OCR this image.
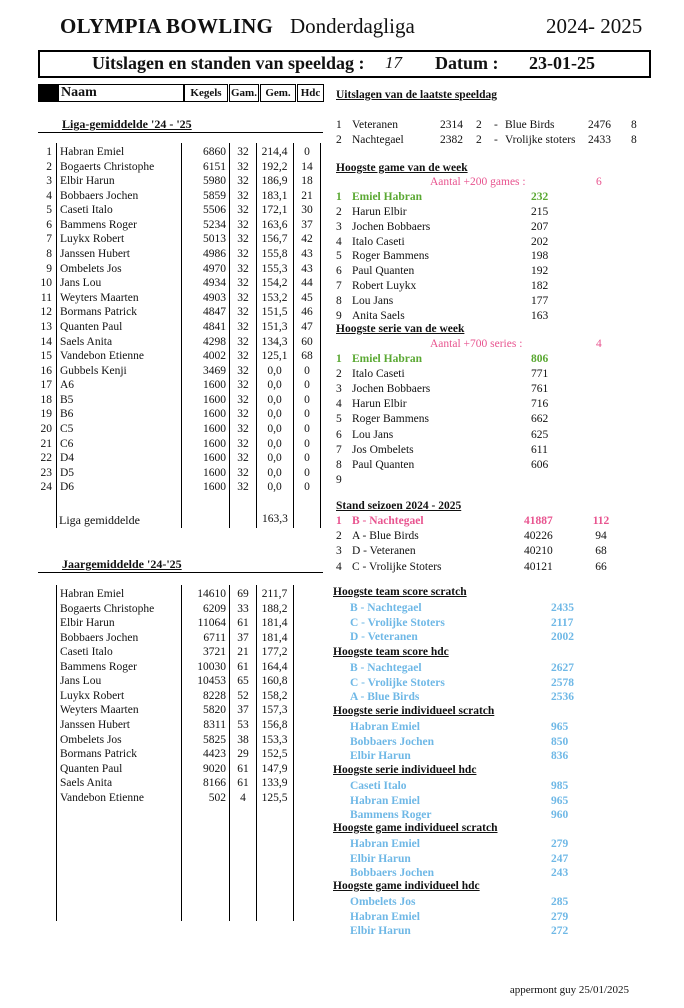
OLYMPIA BOWLING Donderdagliga	2024- 2025
Uitslagen en standen van speeldag : 17 Datum : 23-01-25
Naam	Kegels Gam. Gem. Hdc
Liga-gemiddelde '24 - '25
1 Habran Emiel	6860 32	214,4	0
2 Bogaerts Christophe	6151 32	192,2	14
3 Elbir Harun	5980 32	186,9	18
4 Bobbaers Jochen	5859 32	183,1	21
5 Caseti Italo	5506 32	172,1	30
6 Bammens Roger	5234 32	163,6	37
7 Luykx Robert	5013 32	156,7	42
8 Janssen Hubert	4986 32	155,8	43
9 Ombelets Jos	4970 32	155,3	43
10 Jans Lou	4934 32	154,2	44
11 Weyters Maarten	4903 32	153,2	45
12 Bormans Patrick	4847 32	151,5	46
13 Quanten Paul	4841 32	151,3	47
14 Saels Anita	4298 32	134,3	60
15 Vandebon Etienne	4002 32	125,1	68
16 Gubbels Kenji	3469 32	0,0	0
17 A6	1600 32	0,0	0
18 B5	1600 32	0,0	0
19 B6	1600 32	0,0	0
20 C5	1600 32	0,0	0
21 C6	1600 32	0,0	0
22 D4	1600 32	0,0	0
23 D5	1600 32	0,0	0
24 D6	1600 32	0,0	0
Liga gemiddelde	163,3
Jaargemiddelde '24-'25
Habran Emiel	14610 69	211,7
Bogaerts Christophe	6209 33	188,2
Elbir Harun	11064 61	181,4
Bobbaers Jochen	6711 37	181,4
Caseti Italo	3721 21	177,2
Bammens Roger	10030 61	164,4
Jans Lou	10453 65	160,8
Luykx Robert	8228 52	158,2
Weyters Maarten	5820 37	157,3
Janssen Hubert	8311 53	156,8
Ombelets Jos	5825 38	153,3
Bormans Patrick	4423 29	152,5
Quanten Paul	9020 61	147,9
Saels Anita	8166 61	133,9
Vandebon Etienne	502	4	125,5
Uitslagen van de laatste speeldag
1 Veteranen	2314 2 - Blue Birds	2476 8
2 Nachtegael	2382 2 - Vrolijke stoters 2433 8
Hoogste game van de week
Aantal +200 games :	6
1 Emiel Habran	232
2 Harun Elbir	215
3 Jochen Bobbaers	207
4 Italo Caseti	202
5 Roger Bammens	198
6 Paul Quanten	192
7 Robert Luykx	182
8 Lou Jans	177
9 Anita Saels	163
Hoogste serie van de week
Aantal +700 series :	4
1 Emiel Habran	806
2 Italo Caseti	771
3 Jochen Bobbaers	761
4 Harun Elbir	716
5 Roger Bammens	662
6 Lou Jans	625
7 Jos Ombelets	611
8 Paul Quanten	606
9
Stand seizoen 2024 - 2025
1 B - Nachtegael	41887	112
2 A - Blue Birds	40226	94
3 D - Veteranen	40210	68
4 C - Vrolijke Stoters	40121	66
Hoogste team score scratch
B - Nachtegael	2435
C - Vrolijke Stoters	2117
D - Veteranen	2002
Hoogste team score hdc
B - Nachtegael	2627
C - Vrolijke Stoters	2578
A - Blue Birds	2536
Hoogste serie individueel scratch
Habran Emiel	965
Bobbaers Jochen	850
Elbir Harun	836
Hoogste serie individueel hdc
Caseti Italo	985
Habran Emiel	965
Bammens Roger	960
Hoogste game individueel scratch
Habran Emiel	279
Elbir Harun	247
Bobbaers Jochen	243
Hoogste game individueel hdc
Ombelets Jos	285
Habran Emiel	279
Elbir Harun	272
appermont guy 25/01/2025
